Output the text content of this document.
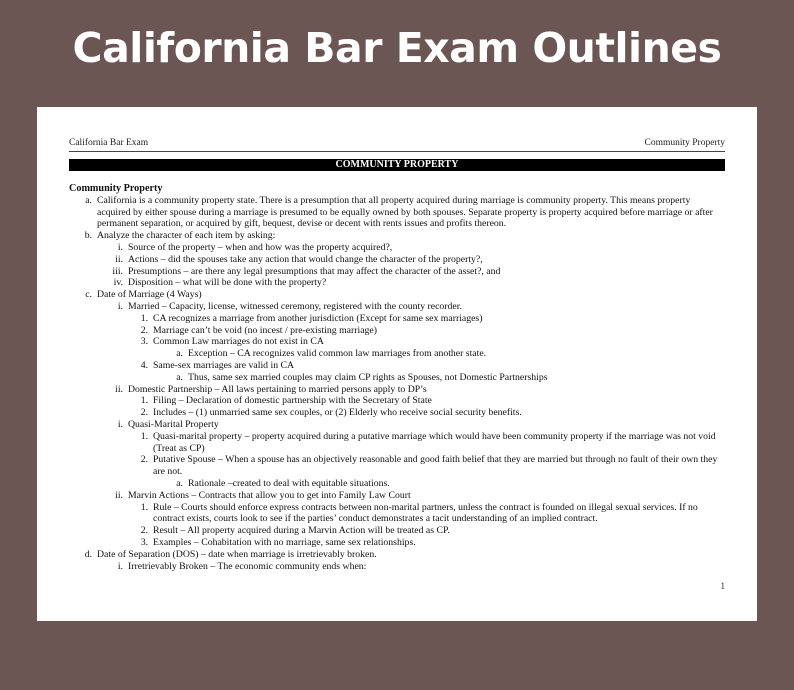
California Bar Exam Outlines
California Bar Exam	Community Property
COMMUNITY PROPERTY
Community Property
a. California is a community property state. There is a presumption that all property acquired during marriage is community property. This means property acquired by either spouse during a marriage is presumed to be equally owned by both spouses. Separate property is property acquired before marriage or after permanent separation, or acquired by gift, bequest, devise or decent with rents issues and profits thereon.
b. Analyze the character of each item by asking:
i. Source of the property – when and how was the property acquired?,
ii. Actions – did the spouses take any action that would change the character of the property?,
iii. Presumptions – are there any legal presumptions that may affect the character of the asset?, and
iv. Disposition – what will be done with the property?
c. Date of Marriage (4 Ways)
i. Married – Capacity, license, witnessed ceremony, registered with the county recorder.
1. CA recognizes a marriage from another jurisdiction (Except for same sex marriages)
2. Marriage can’t be void (no incest / pre-existing marriage)
3. Common Law marriages do not exist in CA
a. Exception – CA recognizes valid common law marriages from another state.
4. Same-sex marriages are valid in CA
a. Thus, same sex married couples may claim CP rights as Spouses, not Domestic Partnerships
ii. Domestic Partnership – All laws pertaining to married persons apply to DP’s
1. Filing – Declaration of domestic partnership with the Secretary of State
2. Includes – (1) unmarried same sex couples, or (2) Elderly who receive social security benefits.
i. Quasi-Marital Property
1. Quasi-marital property – property acquired during a putative marriage which would have been community property if the marriage was not void (Treat as CP)
2. Putative Spouse – When a spouse has an objectively reasonable and good faith belief that they are married but through no fault of their own they are not.
a. Rationale –created to deal with equitable situations.
ii. Marvin Actions – Contracts that allow you to get into Family Law Court
1. Rule – Courts should enforce express contracts between non-marital partners, unless the contract is founded on illegal sexual services. If no contract exists, courts look to see if the parties’ conduct demonstrates a tacit understanding of an implied contract.
2. Result – All property acquired during a Marvin Action will be treated as CP.
3. Examples – Cohabitation with no marriage, same sex relationships.
d. Date of Separation (DOS) – date when marriage is irretrievably broken.
i. Irretrievably Broken – The economic community ends when:
1
